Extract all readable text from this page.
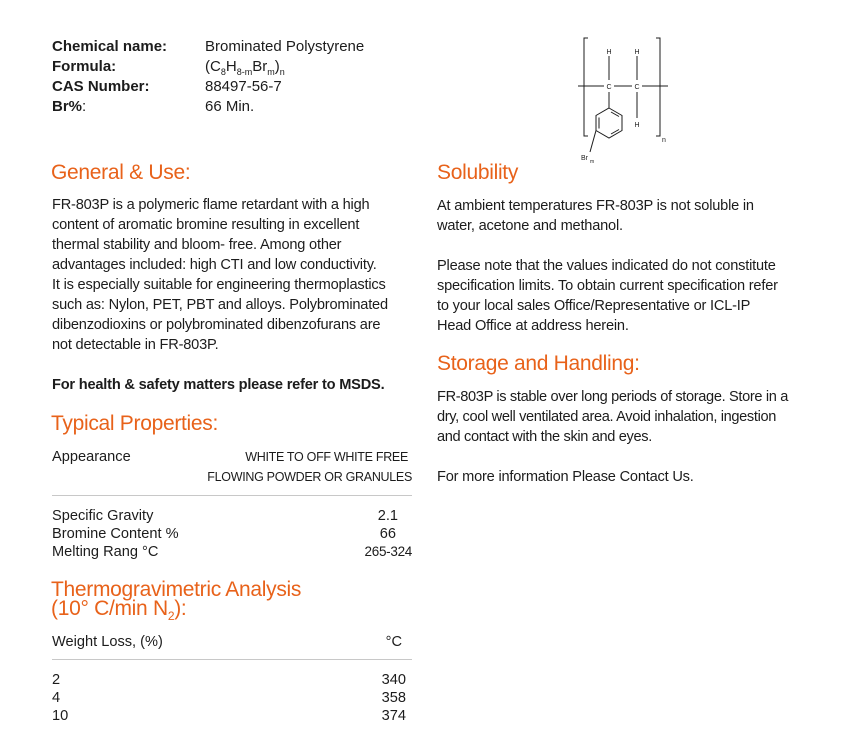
Chemical name:	Brominated Polystyrene
Formula:	$(C_8H_{8-m}Br_m)_n$
CAS Number:	88497-56-7
Br%:	66 Min.
H	H
C	C
H
n
Br m
General & Use:
FR-803P is a polymeric flame retardant with a high
content of aromatic bromine resulting in excellent
thermal stability and bloom- free. Among other
advantages included: high CTI and low conductivity.
It is especially suitable for engineering thermoplastics
such as: Nylon, PET, PBT and alloys. Polybrominated
dibenzodioxins or polybrominated dibenzofurans are
not detectable in FR-803P.
For health & safety matters please refer to MSDS.
Typical Properties:
Appearance	WHITE TO OFF WHITE FREE
FLOWING POWDER OR GRANULES
Specific Gravity	2.1
Bromine Content %	66
Melting Rang °C	265-324
Thermogravimetric Analysis
(10° C/min $N_2$):
Weight Loss, (%)	°C
2	340
4	358
10	374
Solubility
At ambient temperatures FR-803P is not soluble in
water, acetone and methanol.
Please note that the values indicated do not constitute
specification limits. To obtain current specification refer
to your local sales Office/Representative or ICL-IP
Head Office at address herein.
Storage and Handling:
FR-803P is stable over long periods of storage. Store in a
dry, cool well ventilated area. Avoid inhalation, ingestion
and contact with the skin and eyes.
For more information Please Contact Us.
